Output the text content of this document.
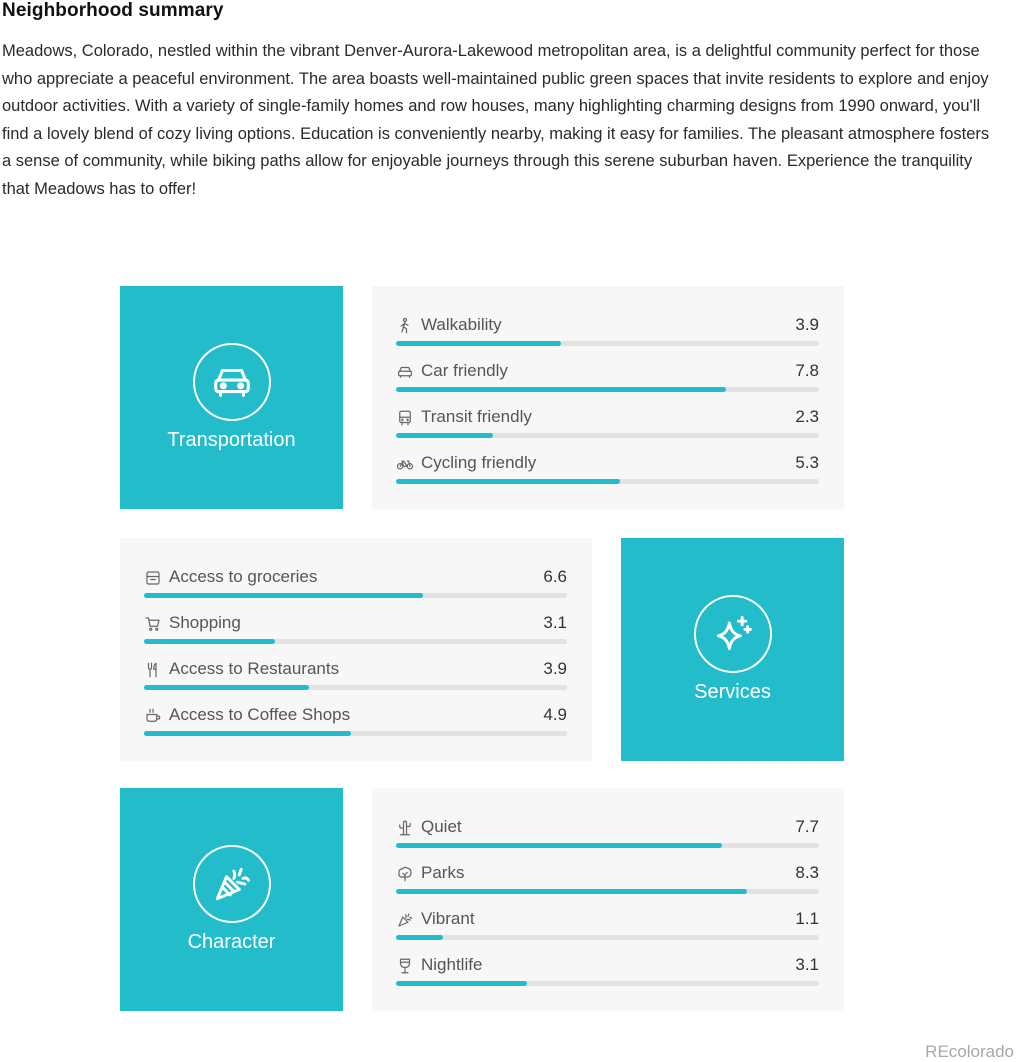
Neighborhood summary
Meadows, Colorado, nestled within the vibrant Denver-Aurora-Lakewood metropolitan area, is a delightful community perfect for those who appreciate a peaceful environment. The area boasts well-maintained public green spaces that invite residents to explore and enjoy outdoor activities. With a variety of single-family homes and row houses, many highlighting charming designs from 1990 onward, you'll find a lovely blend of cozy living options. Education is conveniently nearby, making it easy for families. The pleasant atmosphere fosters a sense of community, while biking paths allow for enjoyable journeys through this serene suburban haven. Experience the tranquility that Meadows has to offer!
Transportation
Walkability	3.9
Car friendly	7.8
Transit friendly	2.3
Cycling friendly	5.3
Access to groceries	6.6
Shopping	3.1
Access to Restaurants	3.9
Access to Coffee Shops	4.9
Services
Character
Quiet	7.7
Parks	8.3
Vibrant	1.1
Nightlife	3.1
REcolorado
